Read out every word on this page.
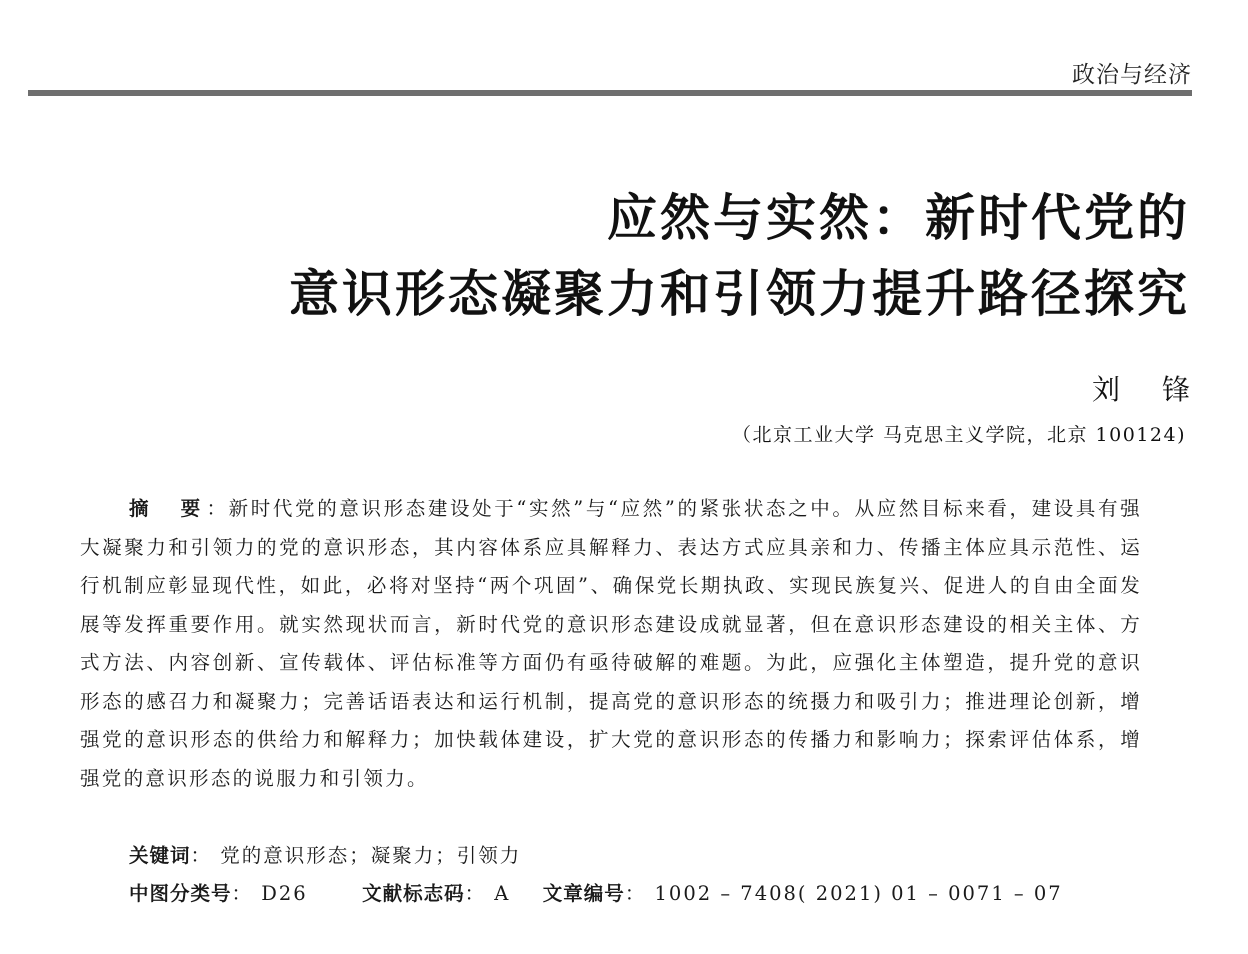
政治与经济
应然与实然：新时代党的
意识形态凝聚力和引领力提升路径探究
刘锋
（北京工业大学 马克思主义学院，北京 100124)

摘　要：新时代党的意识形态建设处于“实然”与“应然”的紧张状态之中。从应然目标来看，建设具有强大凝聚力和引领力的党的意识形态，其内容体系应具解释力、表达方式应具亲和力、传播主体应具示范性、运行机制应彰显现代性，如此，必将对坚持“两个巩固”、确保党长期执政、实现民族复兴、促进人的自由全面发展等发挥重要作用。就实然现状而言，新时代党的意识形态建设成就显著，但在意识形态建设的相关主体、方式方法、内容创新、宣传载体、评估标准等方面仍有亟待破解的难题。为此，应强化主体塑造，提升党的意识形态的感召力和凝聚力；完善话语表达和运行机制，提高党的意识形态的统摄力和吸引力；推进理论创新，增强党的意识形态的供给力和解释力；加快载体建设，扩大党的意识形态的传播力和影响力；探索评估体系，增强党的意识形态的说服力和引领力。

关键词： 党的意识形态；凝聚力；引领力
中图分类号： D26	文献标志码： A 文章编号： 1002 – 7408( 2021) 01 – 0071 – 07
